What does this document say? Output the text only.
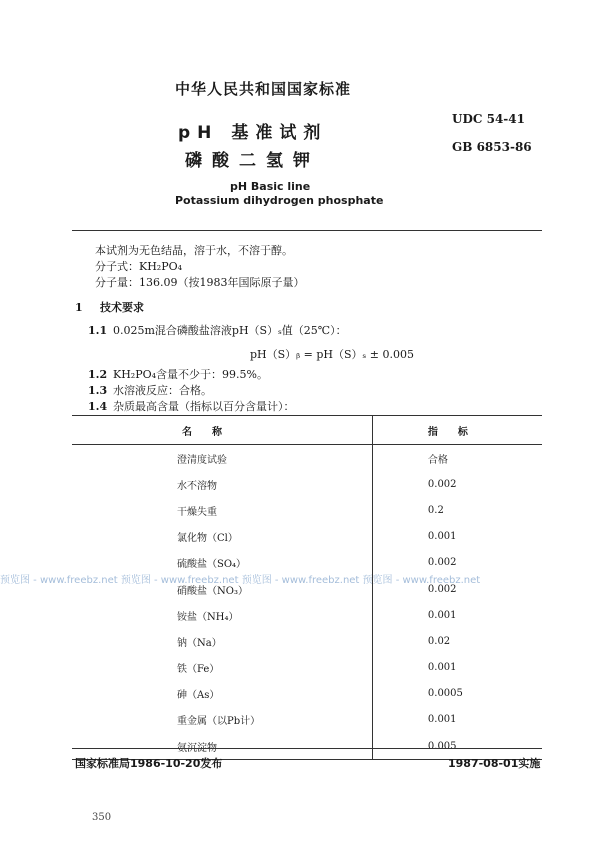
中华人民共和国国家标准
UDC 54-41
GB 6853-86
pH 基准试剂
磷酸二氢钾
pH Basic line
Potassium dihydrogen phosphate
本试剂为无色结晶，溶于水，不溶于醇。
分子式：KH₂PO₄
分子量：136.09（按1983年国际原子量）
1 技术要求
1.1 0.025m混合磷酸盐溶液pH（S）ₛ值（25℃）：
pH（S）ᵦ = pH（S）ₛ ± 0.005
1.2 KH₂PO₄含量不少于：99.5%。
1.3 水溶液反应：合格。
1.4 杂质最高含量（指标以百分含量计）：
名称	指标
澄清度试验	合格
水不溶物	0.002
干燥失重	0.2
氯化物（Cl）	0.001
硫酸盐（SO₄）	0.002
硝酸盐（NO₃）	0.002
铵盐（NH₄）	0.001
钠（Na）	0.02
铁（Fe）	0.001
砷（As）	0.0005
重金属（以Pb计）	0.001
氨沉淀物	0.005
预览图 - www.freebz.net 预览图 - www.freebz.net 预览图 - www.freebz.net 预览图 - www.freebz.net
国家标准局1986-10-20发布	1987-08-01实施
350
